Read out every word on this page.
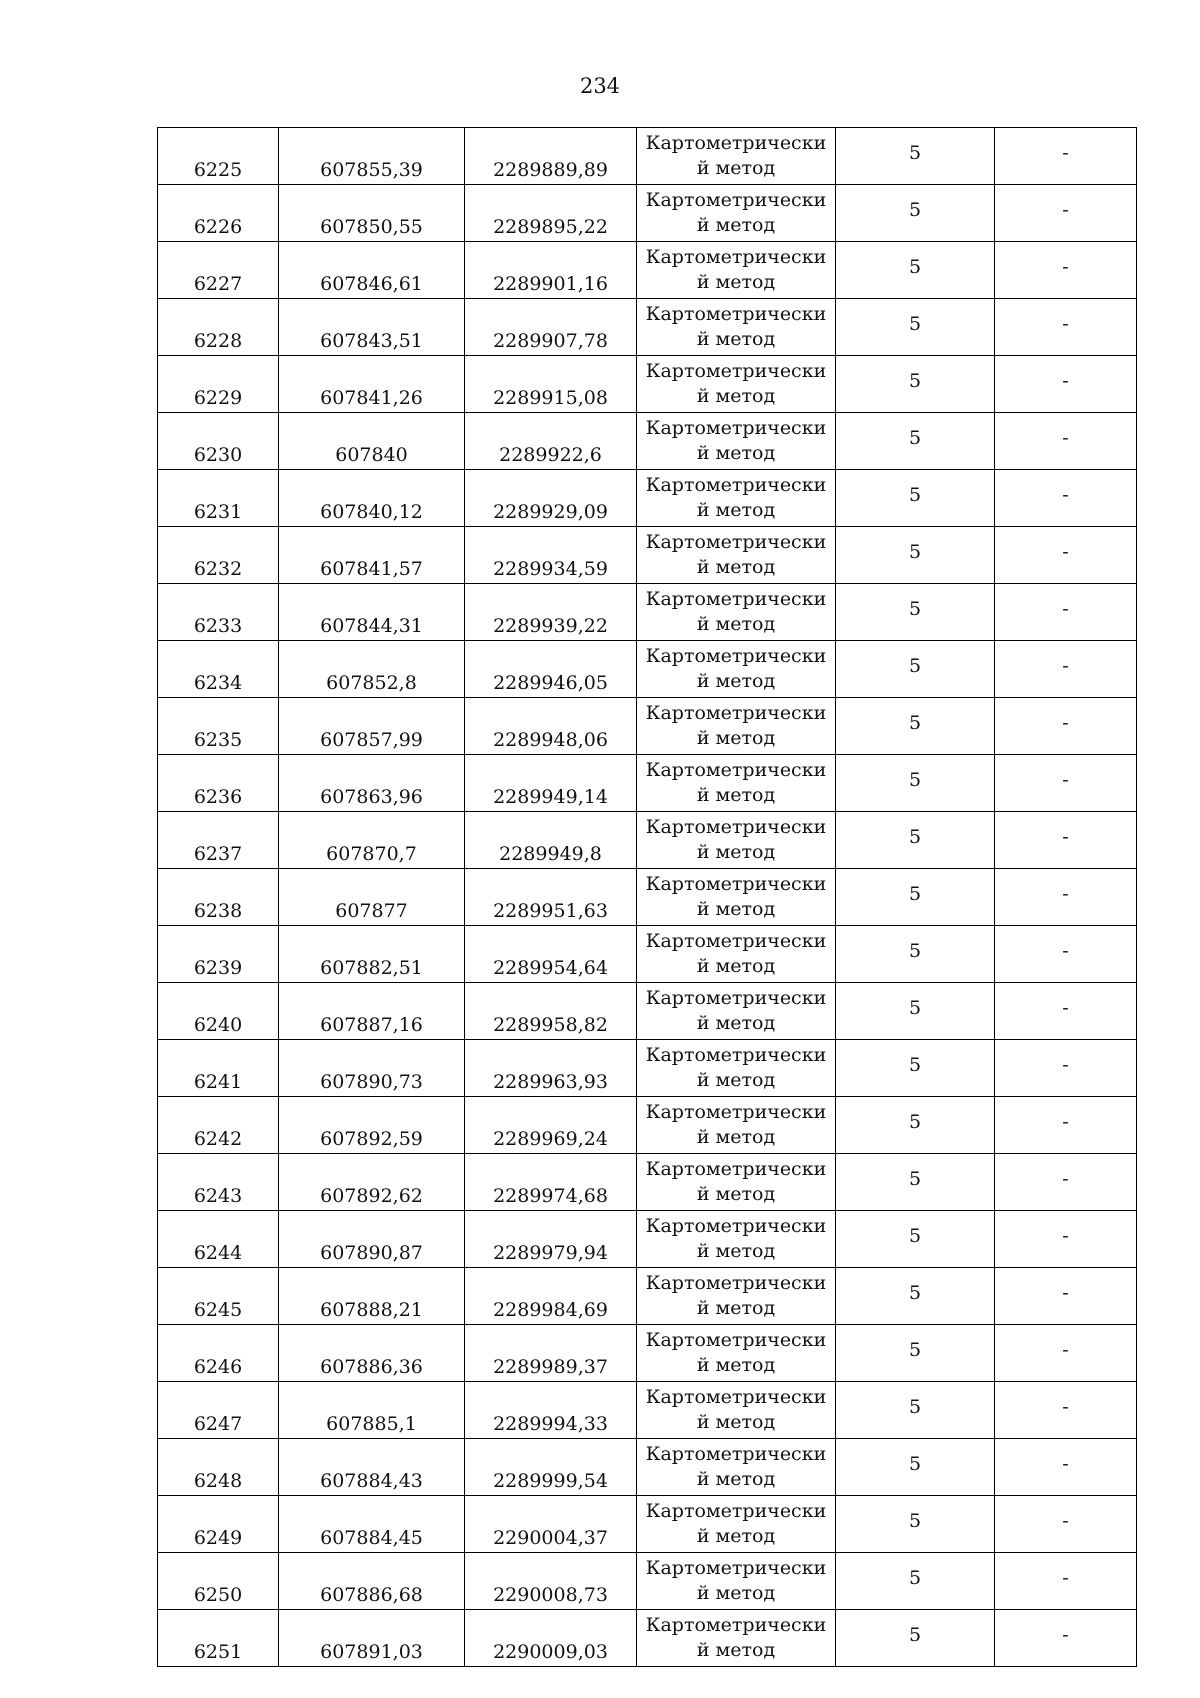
234
6225	607855,39	2289889,89	Картометрически й метод	5	-
6226	607850,55	2289895,22	Картометрически й метод	5	-
6227	607846,61	2289901,16	Картометрически й метод	5	-
6228	607843,51	2289907,78	Картометрически й метод	5	-
6229	607841,26	2289915,08	Картометрически й метод	5	-
6230	607840	2289922,6	Картометрически й метод	5	-
6231	607840,12	2289929,09	Картометрически й метод	5	-
6232	607841,57	2289934,59	Картометрически й метод	5	-
6233	607844,31	2289939,22	Картометрически й метод	5	-
6234	607852,8	2289946,05	Картометрически й метод	5	-
6235	607857,99	2289948,06	Картометрически й метод	5	-
6236	607863,96	2289949,14	Картометрически й метод	5	-
6237	607870,7	2289949,8	Картометрически й метод	5	-
6238	607877	2289951,63	Картометрически й метод	5	-
6239	607882,51	2289954,64	Картометрически й метод	5	-
6240	607887,16	2289958,82	Картометрически й метод	5	-
6241	607890,73	2289963,93	Картометрически й метод	5	-
6242	607892,59	2289969,24	Картометрически й метод	5	-
6243	607892,62	2289974,68	Картометрически й метод	5	-
6244	607890,87	2289979,94	Картометрически й метод	5	-
6245	607888,21	2289984,69	Картометрически й метод	5	-
6246	607886,36	2289989,37	Картометрически й метод	5	-
6247	607885,1	2289994,33	Картометрически й метод	5	-
6248	607884,43	2289999,54	Картометрически й метод	5	-
6249	607884,45	2290004,37	Картометрически й метод	5	-
6250	607886,68	2290008,73	Картометрически й метод	5	-
6251	607891,03	2290009,03	Картометрически й метод	5	-
